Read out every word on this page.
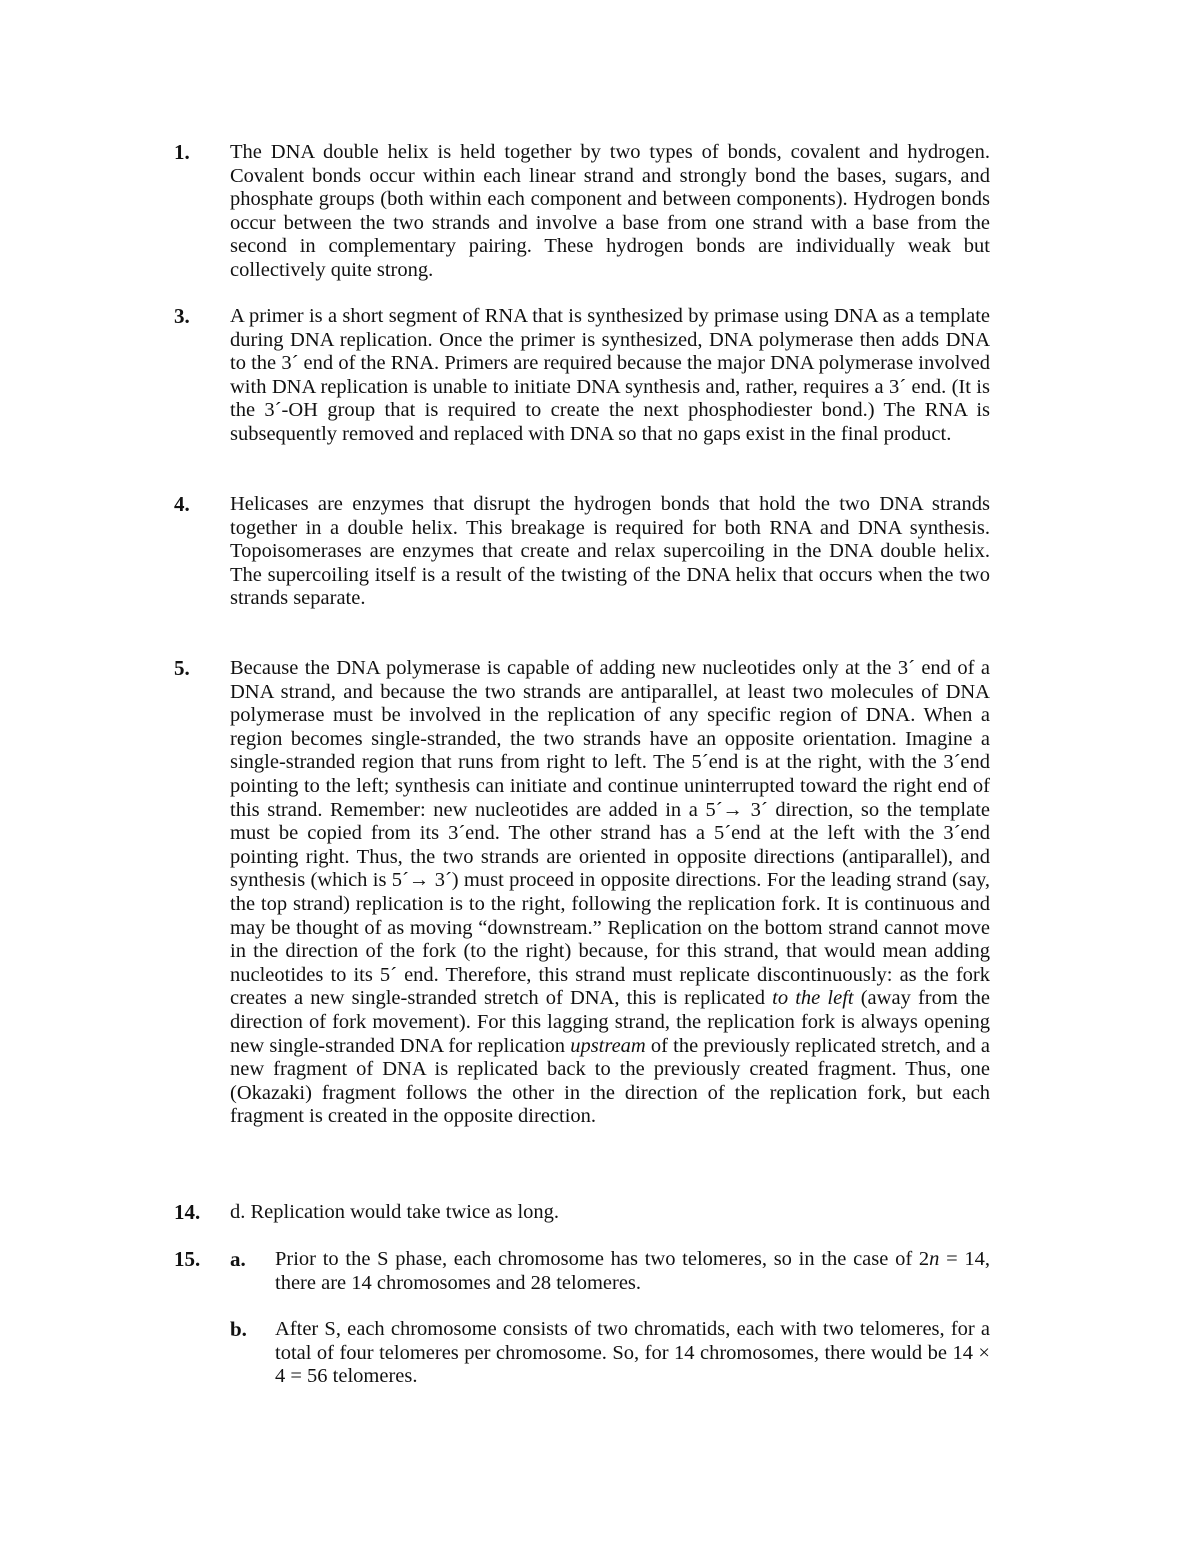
1. The DNA double helix is held together by two types of bonds, covalent and hydrogen. Covalent bonds occur within each linear strand and strongly bond the bases, sugars, and phosphate groups (both within each component and between components). Hydrogen bonds occur between the two strands and involve a base from one strand with a base from the second in complementary pairing. These hydrogen bonds are individually weak but collectively quite strong.
3. A primer is a short segment of RNA that is synthesized by primase using DNA as a template during DNA replication. Once the primer is synthesized, DNA polymerase then adds DNA to the 3´ end of the RNA. Primers are required because the major DNA polymerase involved with DNA replication is unable to initiate DNA synthesis and, rather, requires a 3´ end. (It is the 3´-OH group that is required to create the next phosphodiester bond.) The RNA is subsequently removed and replaced with DNA so that no gaps exist in the final product.
4. Helicases are enzymes that disrupt the hydrogen bonds that hold the two DNA strands together in a double helix. This breakage is required for both RNA and DNA synthesis. Topoisomerases are enzymes that create and relax supercoiling in the DNA double helix. The supercoiling itself is a result of the twisting of the DNA helix that occurs when the two strands separate.
5. Because the DNA polymerase is capable of adding new nucleotides only at the 3´ end of a DNA strand, and because the two strands are antiparallel, at least two molecules of DNA polymerase must be involved in the replication of any specific region of DNA. When a region becomes single-stranded, the two strands have an opposite orientation. Imagine a single-stranded region that runs from right to left. The 5´end is at the right, with the 3´end pointing to the left; synthesis can initiate and continue uninterrupted toward the right end of this strand. Remember: new nucleotides are added in a 5´→ 3´ direction, so the template must be copied from its 3´end. The other strand has a 5´end at the left with the 3´end pointing right. Thus, the two strands are oriented in opposite directions (antiparallel), and synthesis (which is 5´→ 3´) must proceed in opposite directions. For the leading strand (say, the top strand) replication is to the right, following the replication fork. It is continuous and may be thought of as moving “downstream.” Replication on the bottom strand cannot move in the direction of the fork (to the right) because, for this strand, that would mean adding nucleotides to its 5´ end. Therefore, this strand must replicate discontinuously: as the fork creates a new single-stranded stretch of DNA, this is replicated to the left (away from the direction of fork movement). For this lagging strand, the replication fork is always opening new single-stranded DNA for replication upstream of the previously replicated stretch, and a new fragment of DNA is replicated back to the previously created fragment. Thus, one (Okazaki) fragment follows the other in the direction of the replication fork, but each fragment is created in the opposite direction.
14. d. Replication would take twice as long.
15. a. Prior to the S phase, each chromosome has two telomeres, so in the case of 2n = 14, there are 14 chromosomes and 28 telomeres.
b. After S, each chromosome consists of two chromatids, each with two telomeres, for a total of four telomeres per chromosome. So, for 14 chromosomes, there would be 14 × 4 = 56 telomeres.
